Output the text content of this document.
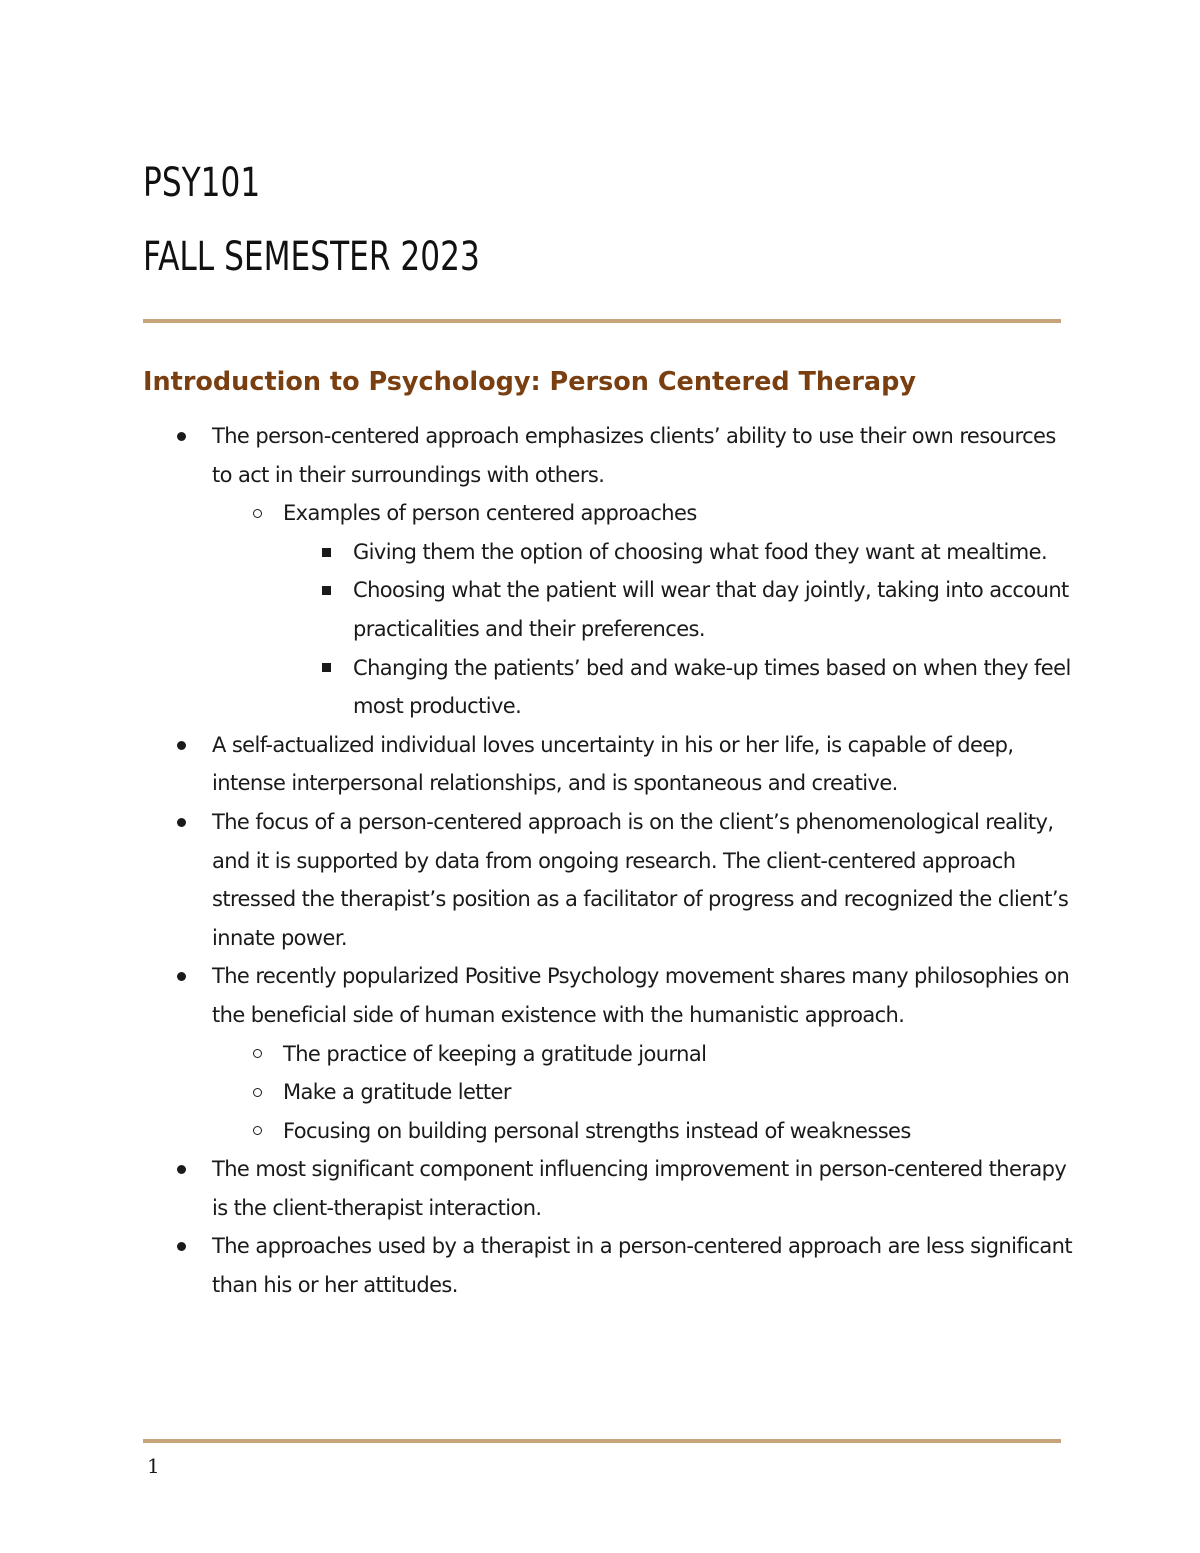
PSY101
FALL SEMESTER 2023
Introduction to Psychology: Person Centered Therapy

The person-centered approach emphasizes clients’ ability to use their own resources to act in their surroundings with others.

Examples of person centered approaches

Giving them the option of choosing what food they want at mealtime.

Choosing what the patient will wear that day jointly, taking into account practicalities and their preferences.

Changing the patients’ bed and wake-up times based on when they feel most productive.

A self-actualized individual loves uncertainty in his or her life, is capable of deep, intense interpersonal relationships, and is spontaneous and creative.

The focus of a person-centered approach is on the client’s phenomenological reality, and it is supported by data from ongoing research. The client-centered approach stressed the therapist’s position as a facilitator of progress and recognized the client’s innate power.

The recently popularized Positive Psychology movement shares many philosophies on the beneficial side of human existence with the humanistic approach.

The practice of keeping a gratitude journal

Make a gratitude letter

Focusing on building personal strengths instead of weaknesses

The most significant component influencing improvement in person-centered therapy is the client-therapist interaction.

The approaches used by a therapist in a person-centered approach are less significant than his or her attitudes.

1
